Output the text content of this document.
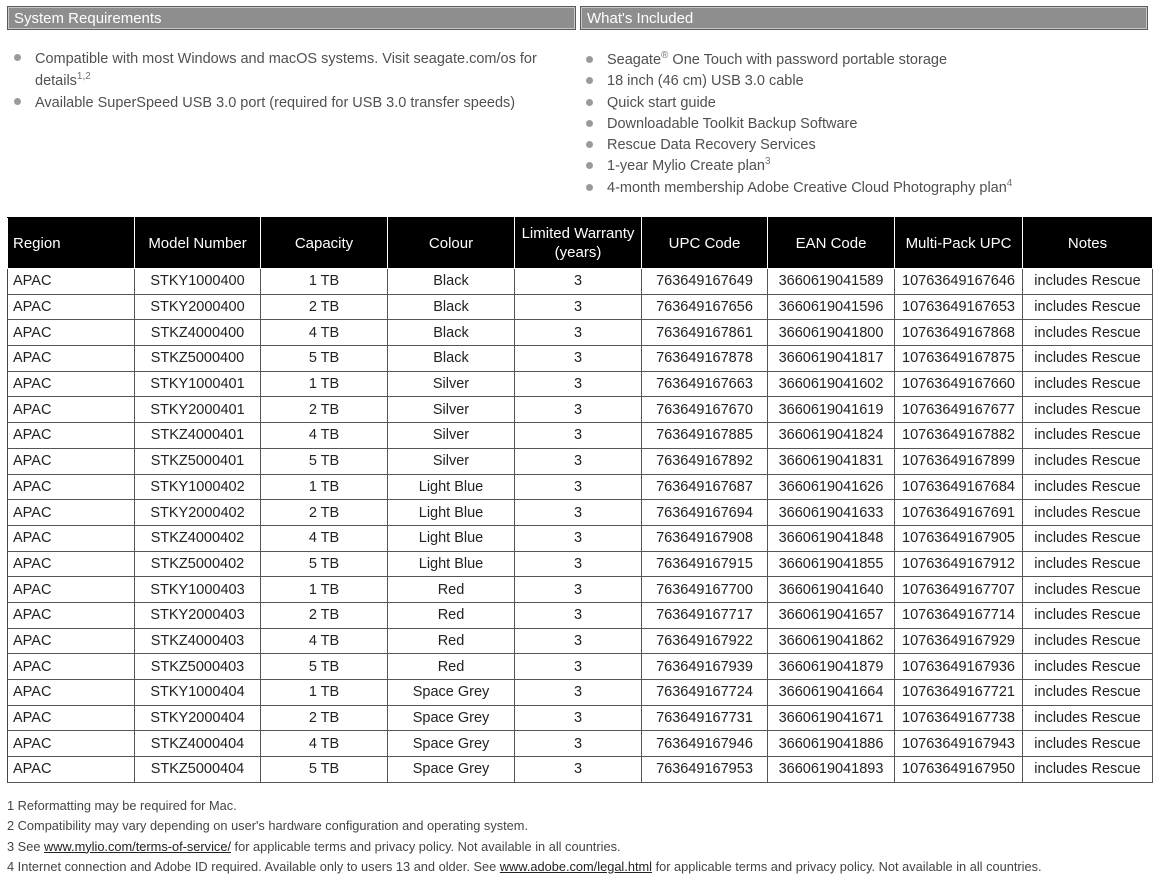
System Requirements	What's Included
Compatible with most Windows and macOS systems. Visit seagate.com/os for details$^{1,2}$
Available SuperSpeed USB 3.0 port (required for USB 3.0 transfer speeds)
Seagate® One Touch with password portable storage
18 inch (46 cm) USB 3.0 cable
Quick start guide
Downloadable Toolkit Backup Software
Rescue Data Recovery Services
1-year Mylio Create plan$^3$
4-month membership Adobe Creative Cloud Photography plan$^4$
Region	Model Number	Capacity	Colour	Limited Warranty (years)	UPC Code	EAN Code	Multi-Pack UPC	Notes
APAC	STKY1000400	1 TB	Black	3	763649167649	3660619041589	10763649167646	includes Rescue
APAC	STKY2000400	2 TB	Black	3	763649167656	3660619041596	10763649167653	includes Rescue
APAC	STKZ4000400	4 TB	Black	3	763649167861	3660619041800	10763649167868	includes Rescue
APAC	STKZ5000400	5 TB	Black	3	763649167878	3660619041817	10763649167875	includes Rescue
APAC	STKY1000401	1 TB	Silver	3	763649167663	3660619041602	10763649167660	includes Rescue
APAC	STKY2000401	2 TB	Silver	3	763649167670	3660619041619	10763649167677	includes Rescue
APAC	STKZ4000401	4 TB	Silver	3	763649167885	3660619041824	10763649167882	includes Rescue
APAC	STKZ5000401	5 TB	Silver	3	763649167892	3660619041831	10763649167899	includes Rescue
APAC	STKY1000402	1 TB	Light Blue	3	763649167687	3660619041626	10763649167684	includes Rescue
APAC	STKY2000402	2 TB	Light Blue	3	763649167694	3660619041633	10763649167691	includes Rescue
APAC	STKZ4000402	4 TB	Light Blue	3	763649167908	3660619041848	10763649167905	includes Rescue
APAC	STKZ5000402	5 TB	Light Blue	3	763649167915	3660619041855	10763649167912	includes Rescue
APAC	STKY1000403	1 TB	Red	3	763649167700	3660619041640	10763649167707	includes Rescue
APAC	STKY2000403	2 TB	Red	3	763649167717	3660619041657	10763649167714	includes Rescue
APAC	STKZ4000403	4 TB	Red	3	763649167922	3660619041862	10763649167929	includes Rescue
APAC	STKZ5000403	5 TB	Red	3	763649167939	3660619041879	10763649167936	includes Rescue
APAC	STKY1000404	1 TB	Space Grey	3	763649167724	3660619041664	10763649167721	includes Rescue
APAC	STKY2000404	2 TB	Space Grey	3	763649167731	3660619041671	10763649167738	includes Rescue
APAC	STKZ4000404	4 TB	Space Grey	3	763649167946	3660619041886	10763649167943	includes Rescue
APAC	STKZ5000404	5 TB	Space Grey	3	763649167953	3660619041893	10763649167950	includes Rescue
1 Reformatting may be required for Mac.
2 Compatibility may vary depending on user's hardware configuration and operating system.
3 See www.mylio.com/terms-of-service/ for applicable terms and privacy policy. Not available in all countries.
4 Internet connection and Adobe ID required. Available only to users 13 and older. See www.adobe.com/legal.html for applicable terms and privacy policy. Not available in all countries.
